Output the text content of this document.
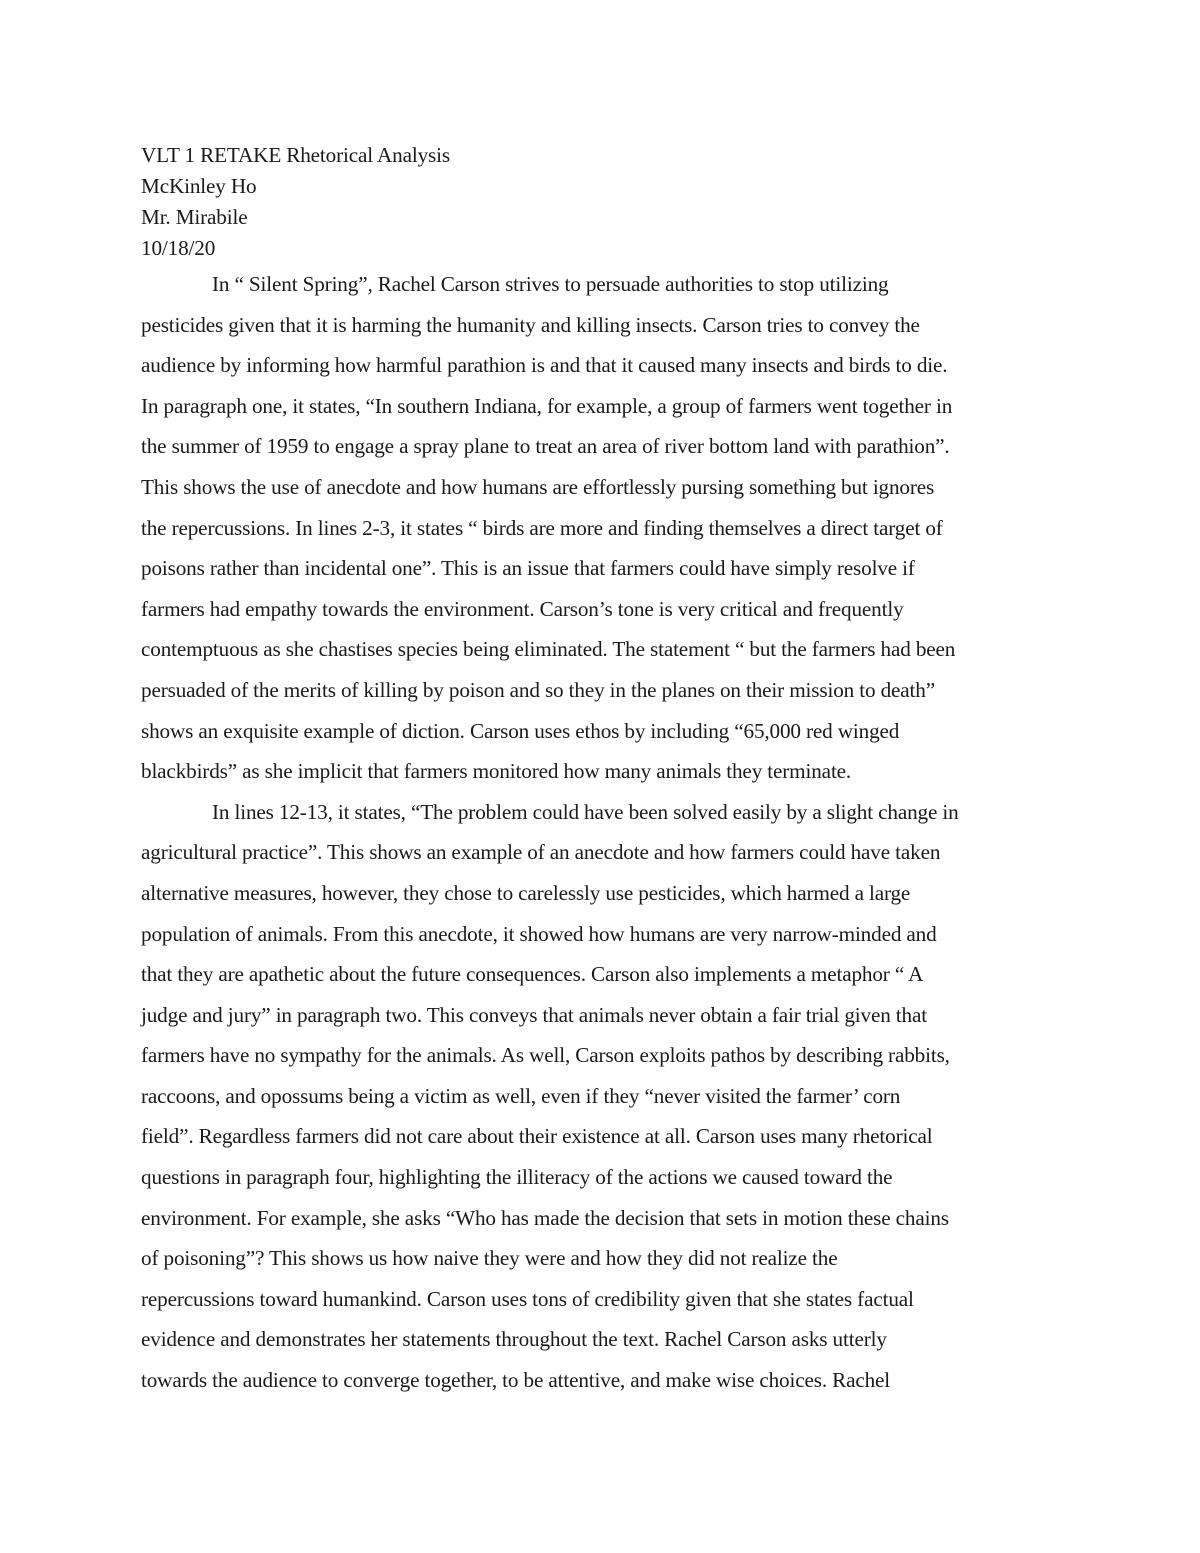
VLT 1 RETAKE Rhetorical Analysis
McKinley Ho
Mr. Mirabile
10/18/20
In “ Silent Spring”, Rachel Carson strives to persuade authorities to stop utilizing
pesticides given that it is harming the humanity and killing insects. Carson tries to convey the
audience by informing how harmful parathion is and that it caused many insects and birds to die.
In paragraph one, it states, “In southern Indiana, for example, a group of farmers went together in
the summer of 1959 to engage a spray plane to treat an area of river bottom land with parathion”.
This shows the use of anecdote and how humans are effortlessly pursing something but ignores
the repercussions. In lines 2-3, it states “ birds are more and finding themselves a direct target of
poisons rather than incidental one”. This is an issue that farmers could have simply resolve if
farmers had empathy towards the environment. Carson’s tone is very critical and frequently
contemptuous as she chastises species being eliminated. The statement “ but the farmers had been
persuaded of the merits of killing by poison and so they in the planes on their mission to death”
shows an exquisite example of diction. Carson uses ethos by including “65,000 red winged
blackbirds” as she implicit that farmers monitored how many animals they terminate.
In lines 12-13, it states, “The problem could have been solved easily by a slight change in
agricultural practice”. This shows an example of an anecdote and how farmers could have taken
alternative measures, however, they chose to carelessly use pesticides, which harmed a large
population of animals. From this anecdote, it showed how humans are very narrow-minded and
that they are apathetic about the future consequences. Carson also implements a metaphor “ A
judge and jury” in paragraph two. This conveys that animals never obtain a fair trial given that
farmers have no sympathy for the animals. As well, Carson exploits pathos by describing rabbits,
raccoons, and opossums being a victim as well, even if they “never visited the farmer’ corn
field”. Regardless farmers did not care about their existence at all. Carson uses many rhetorical
questions in paragraph four, highlighting the illiteracy of the actions we caused toward the
environment. For example, she asks “Who has made the decision that sets in motion these chains
of poisoning”? This shows us how naive they were and how they did not realize the
repercussions toward humankind. Carson uses tons of credibility given that she states factual
evidence and demonstrates her statements throughout the text. Rachel Carson asks utterly
towards the audience to converge together, to be attentive, and make wise choices. Rachel
